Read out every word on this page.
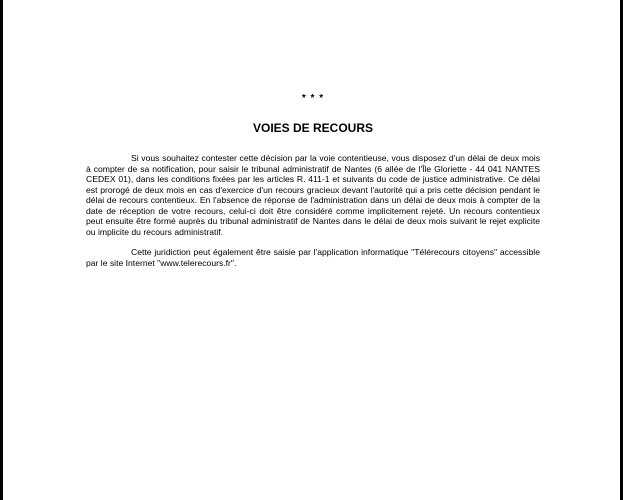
* * *

VOIES DE RECOURS

Si vous souhaitez contester cette décision par la voie contentieuse, vous disposez d'un délai de deux mois à compter de sa notification, pour saisir le tribunal administratif de Nantes (6 allée de l'Île Gloriette - 44 041 NANTES CEDEX 01), dans les conditions fixées par les articles R. 411-1 et suivants du code de justice administrative. Ce délai est prorogé de deux mois en cas d'exercice d'un recours gracieux devant l'autorité qui a pris cette décision pendant le délai de recours contentieux. En l'absence de réponse de l'administration dans un délai de deux mois à compter de la date de réception de votre recours, celui-ci doit être considéré comme implicitement rejeté. Un recours contentieux peut ensuite être formé auprès du tribunal administratif de Nantes dans le délai de deux mois suivant le rejet explicite ou implicite du recours administratif.

Cette juridiction peut également être saisie par l'application informatique "Télérecours citoyens" accessible par le site Internet "www.telerecours.fr".
